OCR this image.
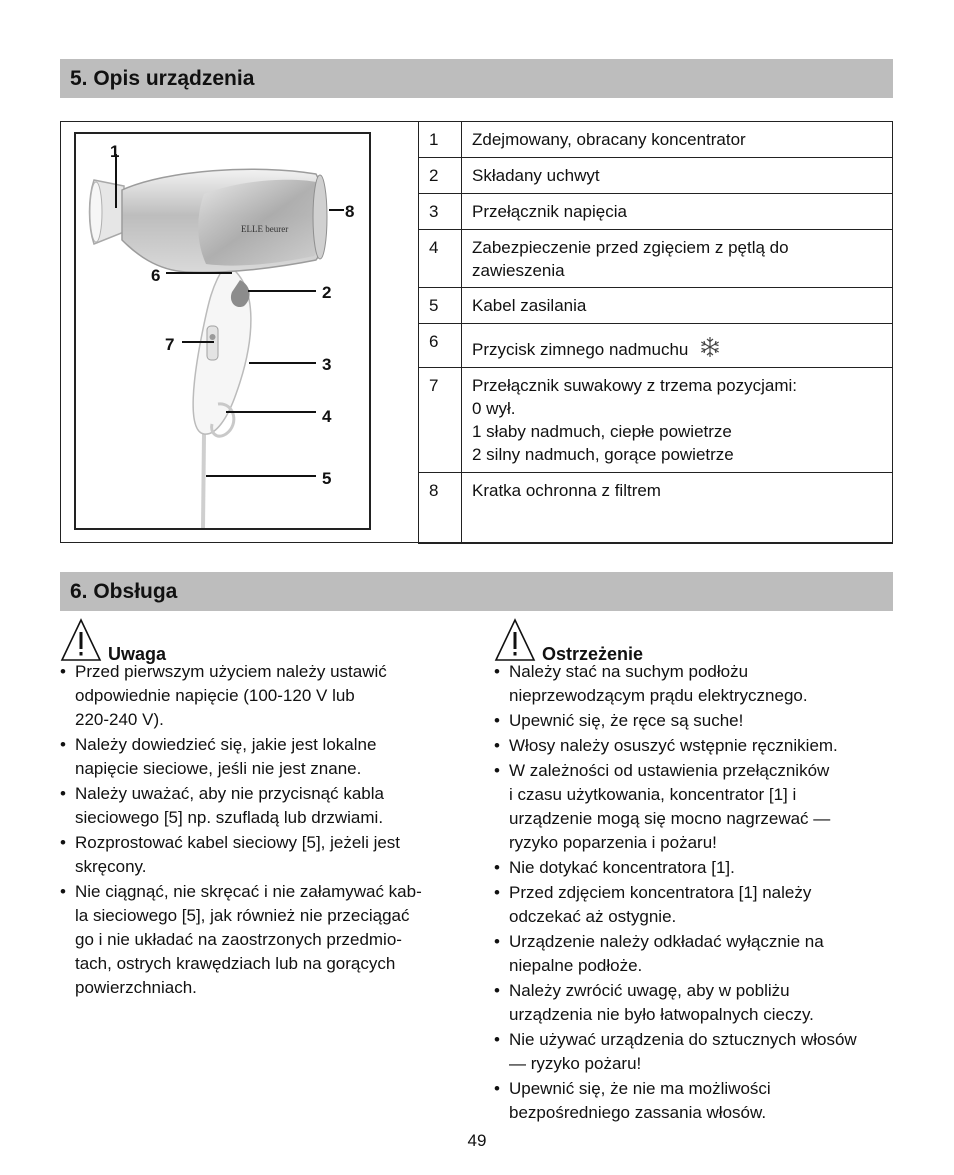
5. Opis urządzenia
ELLE beurer
1
2
3
4
5
6
7
8
1	Zdejmowany, obracany koncentrator
2	Składany uchwyt
3	Przełącznik napięcia
4	Zabezpieczenie przed zgięciem z pętlą do zawieszenia
5	Kabel zasilania
6	Przycisk zimnego nadmuchu
7	Przełącznik suwakowy z trzema pozycjami:
0 wył.
1 słaby nadmuch, ciepłe powietrze
2 silny nadmuch, gorące powietrze

8	Kratka ochronna z filtrem
6. Obsługa
Uwaga
• Przed pierwszym użyciem należy ustawić
odpowiednie napięcie (100-120 V lub
220-240 V).
• Należy dowiedzieć się, jakie jest lokalne
napięcie sieciowe, jeśli nie jest znane.
• Należy uważać, aby nie przycisnąć kabla
sieciowego [5] np. szufladą lub drzwiami.
• Rozprostować kabel sieciowy [5], jeżeli jest
skręcony.
• Nie ciągnąć, nie skręcać i nie załamywać kab-
la sieciowego [5], jak również nie przeciągać
go i nie układać na zaostrzonych przedmio-
tach, ostrych krawędziach lub na gorących
powierzchniach.
Ostrzeżenie
• Należy stać na suchym podłożu
nieprzewodzącym prądu elektrycznego.
• Upewnić się, że ręce są suche!
• Włosy należy osuszyć wstępnie ręcznikiem.
• W zależności od ustawienia przełączników
i czasu użytkowania, koncentrator [1] i
urządzenie mogą się mocno nagrzewać —
ryzyko poparzenia i pożaru!
• Nie dotykać koncentratora [1].
• Przed zdjęciem koncentratora [1] należy
odczekać aż ostygnie.
• Urządzenie należy odkładać wyłącznie na
niepalne podłoże.
• Należy zwrócić uwagę, aby w pobliżu
urządzenia nie było łatwopalnych cieczy.
• Nie używać urządzenia do sztucznych włosów
— ryzyko pożaru!
• Upewnić się, że nie ma możliwości
bezpośredniego zassania włosów.
49
